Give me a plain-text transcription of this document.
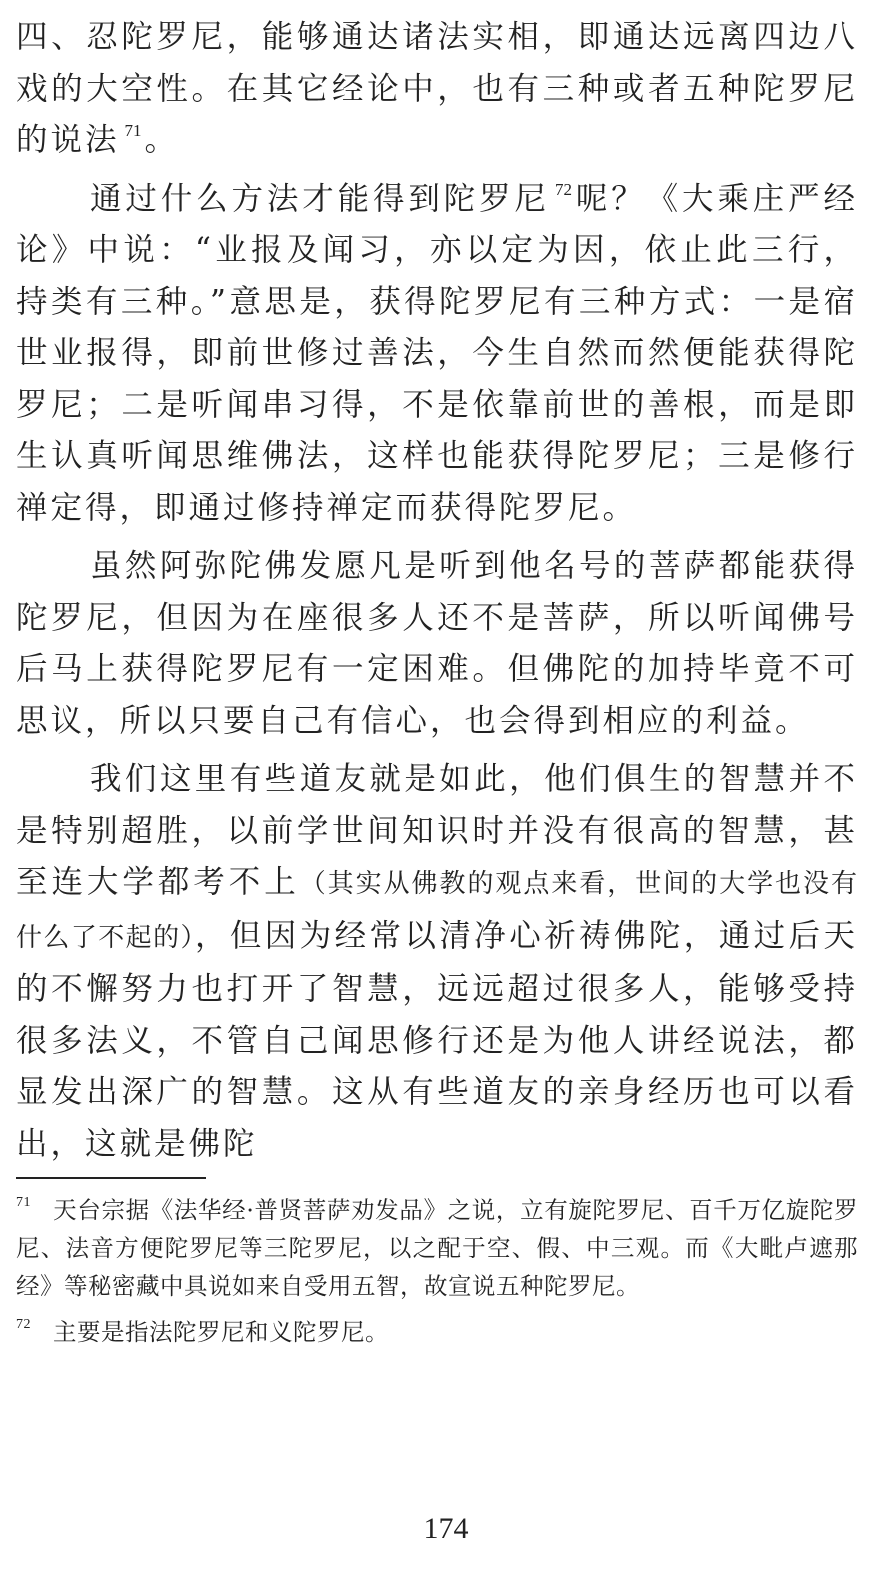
四、忍陀罗尼，能够通达诸法实相，即通达远离四边八戏的大空性。在其它经论中，也有三种或者五种陀罗尼的说法 $^{71}$。

通过什么方法才能得到陀罗尼 $^{72}$呢？《大乘庄严经论》中说：“业报及闻习，亦以定为因，依止此三行，持类有三种。”意思是，获得陀罗尼有三种方式：一是宿世业报得，即前世修过善法，今生自然而然便能获得陀罗尼；二是听闻串习得，不是依靠前世的善根，而是即生认真听闻思维佛法，这样也能获得陀罗尼；三是修行禅定得，即通过修持禅定而获得陀罗尼。

虽然阿弥陀佛发愿凡是听到他名号的菩萨都能获得陀罗尼，但因为在座很多人还不是菩萨，所以听闻佛号后马上获得陀罗尼有一定困难。但佛陀的加持毕竟不可思议，所以只要自己有信心，也会得到相应的利益。

我们这里有些道友就是如此，他们俱生的智慧并不是特别超胜，以前学世间知识时并没有很高的智慧，甚至连大学都考不上（其实从佛教的观点来看，世间的大学也没有什么了不起的），但因为经常以清净心祈祷佛陀，通过后天的不懈努力也打开了智慧，远远超过很多人，能够受持很多法义，不管自己闻思修行还是为他人讲经说法，都显发出深广的智慧。这从有些道友的亲身经历也可以看出，这就是佛陀

$^{71}$ 天台宗据《法华经·普贤菩萨劝发品》之说，立有旋陀罗尼、百千万亿旋陀罗尼、法音方便陀罗尼等三陀罗尼，以之配于空、假、中三观。而《大毗卢遮那经》等秘密藏中具说如来自受用五智，故宣说五种陀罗尼。

$^{72}$ 主要是指法陀罗尼和义陀罗尼。

174
